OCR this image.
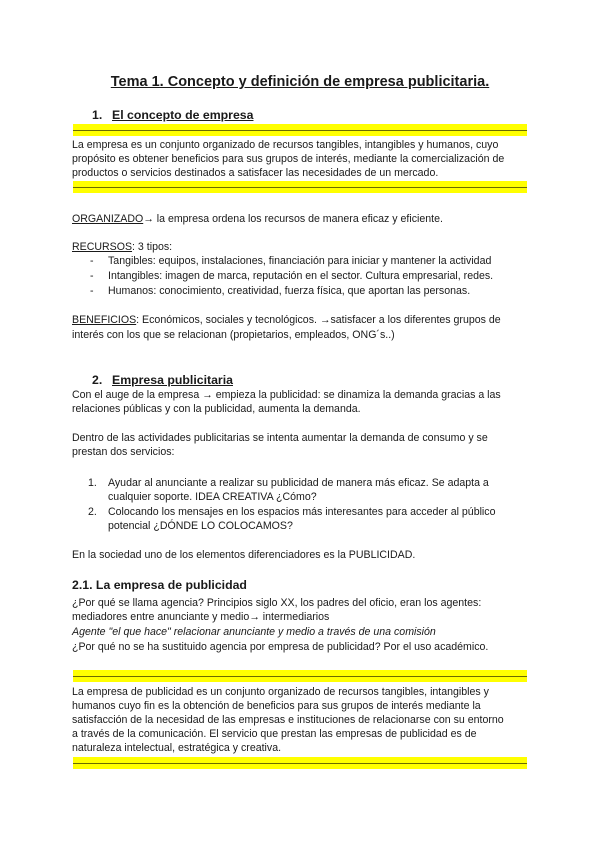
Tema 1. Concepto y definición de empresa publicitaria.
1. El concepto de empresa
La empresa es un conjunto organizado de recursos tangibles, intangibles y humanos, cuyo
propósito es obtener beneficios para sus grupos de interés, mediante la comercialización de
productos o servicios destinados a satisfacer las necesidades de un mercado.
ORGANIZADO→ la empresa ordena los recursos de manera eficaz y eficiente.
RECURSOS: 3 tipos:
- Tangibles: equipos, instalaciones, financiación para iniciar y mantener la actividad
- Intangibles: imagen de marca, reputación en el sector. Cultura empresarial, redes.
- Humanos: conocimiento, creatividad, fuerza física, que aportan las personas.
BENEFICIOS: Económicos, sociales y tecnológicos. →satisfacer a los diferentes grupos de
interés con los que se relacionan (propietarios, empleados, ONG´s..)
2. Empresa publicitaria
Con el auge de la empresa → empieza la publicidad: se dinamiza la demanda gracias a las
relaciones públicas y con la publicidad, aumenta la demanda.
Dentro de las actividades publicitarias se intenta aumentar la demanda de consumo y se
prestan dos servicios:
1. Ayudar al anunciante a realizar su publicidad de manera más eficaz. Se adapta a
cualquier soporte. IDEA CREATIVA ¿Cómo?
2. Colocando los mensajes en los espacios más interesantes para acceder al público
potencial ¿DÓNDE LO COLOCAMOS?
En la sociedad uno de los elementos diferenciadores es la PUBLICIDAD.
2.1. La empresa de publicidad
¿Por qué se llama agencia? Principios siglo XX, los padres del oficio, eran los agentes:
mediadores entre anunciante y medio→ intermediarios
Agente "el que hace" relacionar anunciante y medio a través de una comisión
¿Por qué no se ha sustituido agencia por empresa de publicidad? Por el uso académico.
La empresa de publicidad es un conjunto organizado de recursos tangibles, intangibles y
humanos cuyo fin es la obtención de beneficios para sus grupos de interés mediante la
satisfacción de la necesidad de las empresas e instituciones de relacionarse con su entorno
a través de la comunicación. El servicio que prestan las empresas de publicidad es de
naturaleza intelectual, estratégica y creativa.
